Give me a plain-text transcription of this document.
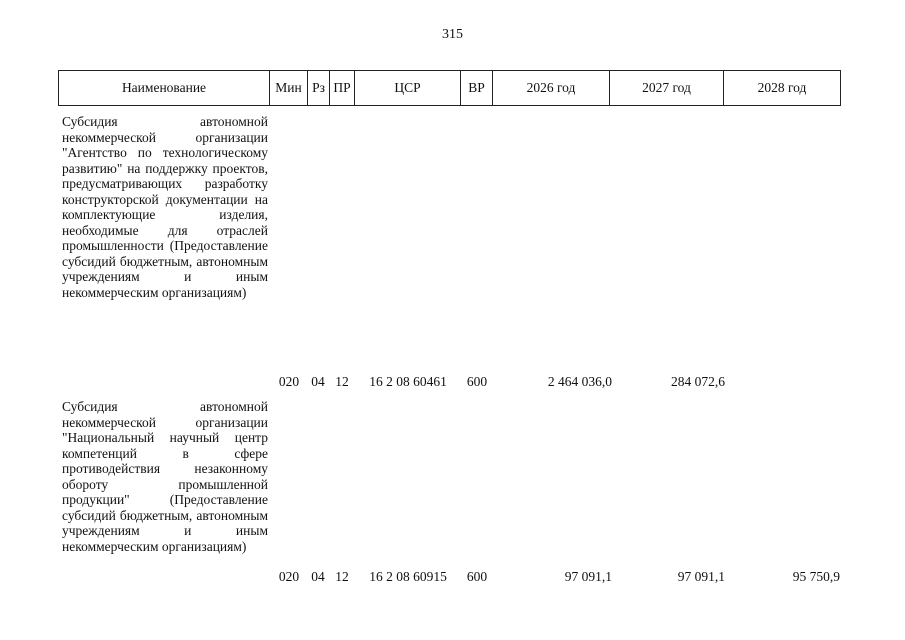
315
Наименование	Мин	Рз	ПР	ЦСР	ВР	2026 год	2027 год	2028 год
Субсидия автономной некоммерческой организации "Агентство по технологическому развитию" на поддержку проектов, предусматривающих разработку конструкторской документации на комплектующие изделия, необходимые для отраслей промышленности (Предоставление субсидий бюджетным, автономным учреждениям и иным некоммерческим организациям)
020 04 12	16 2 08 60461	600	2 464 036,0	284 072,6
Субсидия автономной некоммерческой организации "Национальный научный центр компетенций в сфере противодействия незаконному обороту промышленной продукции" (Предоставление субсидий бюджетным, автономным учреждениям и иным некоммерческим организациям)
020 04 12	16 2 08 60915	600	97 091,1	97 091,1	95 750,9
